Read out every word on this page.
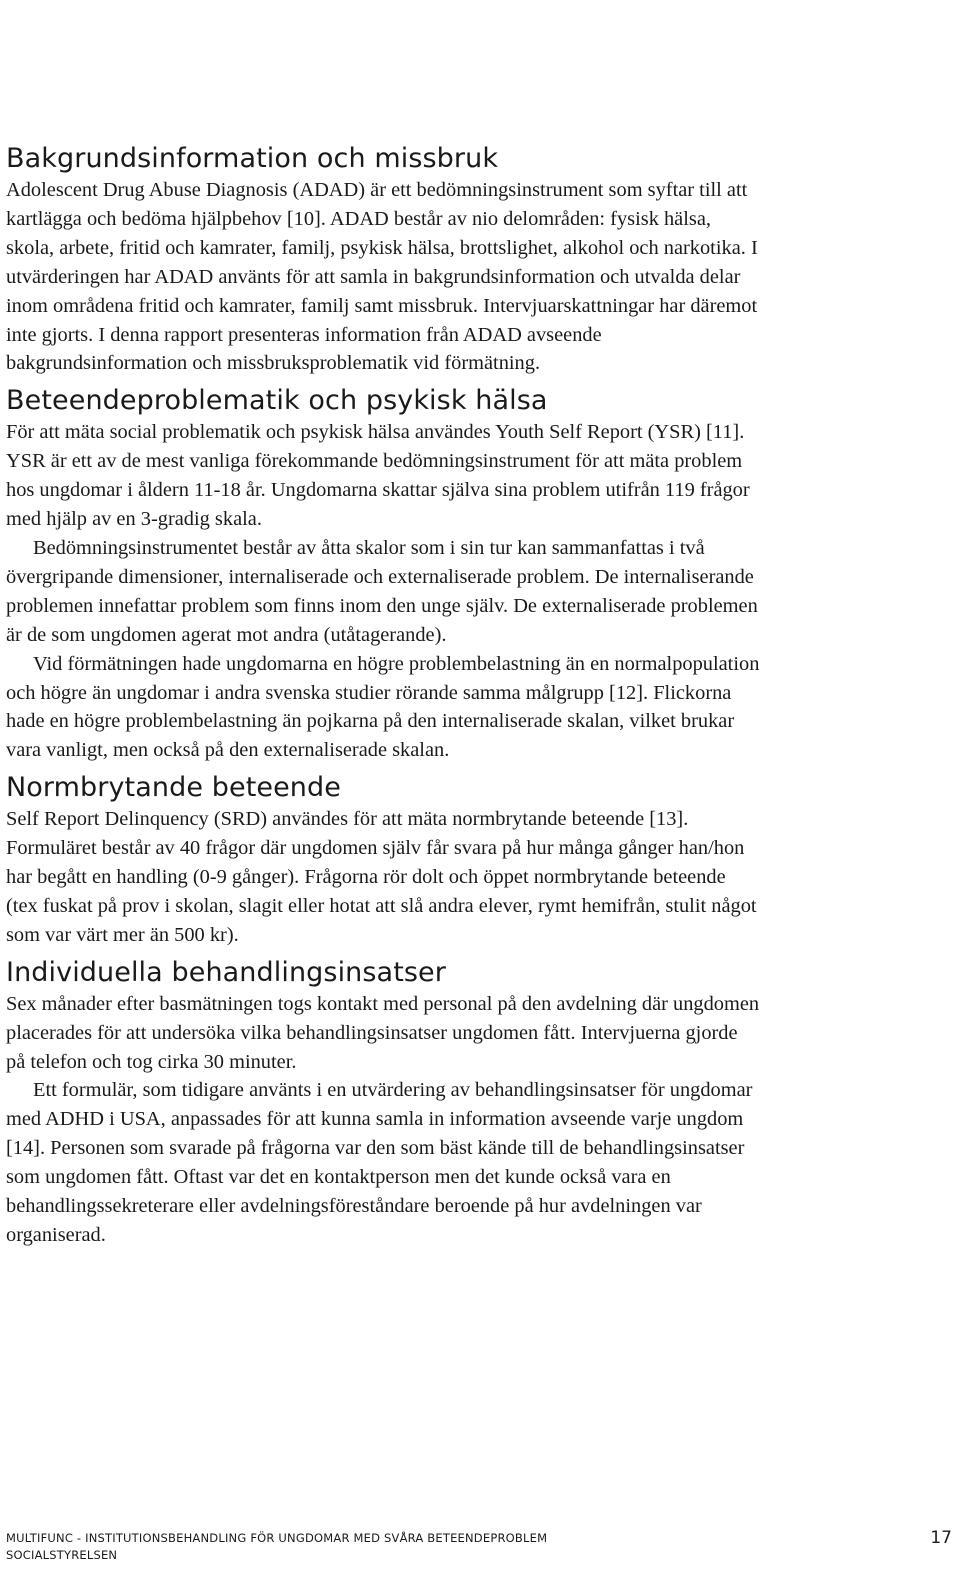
Bakgrundsinformation och missbruk

Adolescent Drug Abuse Diagnosis (ADAD) är ett bedömningsinstrument som syftar till att kartlägga och bedöma hjälpbehov [10]. ADAD består av nio delområden: fysisk hälsa, skola, arbete, fritid och kamrater, familj, psykisk hälsa, brottslighet, alkohol och narkotika. I utvärderingen har ADAD använts för att samla in bakgrundsinformation och utvalda delar inom områdena fritid och kamrater, familj samt missbruk. Intervjuarskattningar har däremot inte gjorts. I denna rapport presenteras information från ADAD avseende bakgrundsinformation och missbruksproblematik vid förmätning.

Beteendeproblematik och psykisk hälsa

För att mäta social problematik och psykisk hälsa användes Youth Self Report (YSR) [11]. YSR är ett av de mest vanliga förekommande bedömningsinstrument för att mäta problem hos ungdomar i åldern 11-18 år. Ungdomarna skattar själva sina problem utifrån 119 frågor med hjälp av en 3-gradig skala.

Bedömningsinstrumentet består av åtta skalor som i sin tur kan sammanfattas i två övergripande dimensioner, internaliserade och externaliserade problem. De internaliserande problemen innefattar problem som finns inom den unge själv. De externaliserade problemen är de som ungdomen agerat mot andra (utåtagerande).

Vid förmätningen hade ungdomarna en högre problembelastning än en normalpopulation och högre än ungdomar i andra svenska studier rörande samma målgrupp [12]. Flickorna hade en högre problembelastning än pojkarna på den internaliserade skalan, vilket brukar vara vanligt, men också på den externaliserade skalan.

Normbrytande beteende

Self Report Delinquency (SRD) användes för att mäta normbrytande beteende [13]. Formuläret består av 40 frågor där ungdomen själv får svara på hur många gånger han/hon har begått en handling (0-9 gånger). Frågorna rör dolt och öppet normbrytande beteende (tex fuskat på prov i skolan, slagit eller hotat att slå andra elever, rymt hemifrån, stulit något som var värt mer än 500 kr).

Individuella behandlingsinsatser

Sex månader efter basmätningen togs kontakt med personal på den avdelning där ungdomen placerades för att undersöka vilka behandlingsinsatser ungdomen fått. Intervjuerna gjorde på telefon och tog cirka 30 minuter.

Ett formulär, som tidigare använts i en utvärdering av behandlingsinsatser för ungdomar med ADHD i USA, anpassades för att kunna samla in information avseende varje ungdom [14]. Personen som svarade på frågorna var den som bäst kände till de behandlingsinsatser som ungdomen fått. Oftast var det en kontaktperson men det kunde också vara en behandlingssekreterare eller avdelningsföreståndare beroende på hur avdelningen var organiserad.

MULTIFUNC - INSTITUTIONSBEHANDLING FÖR UNGDOMAR MED SVÅRA BETEENDEPROBLEM
SOCIALSTYRELSEN
17
